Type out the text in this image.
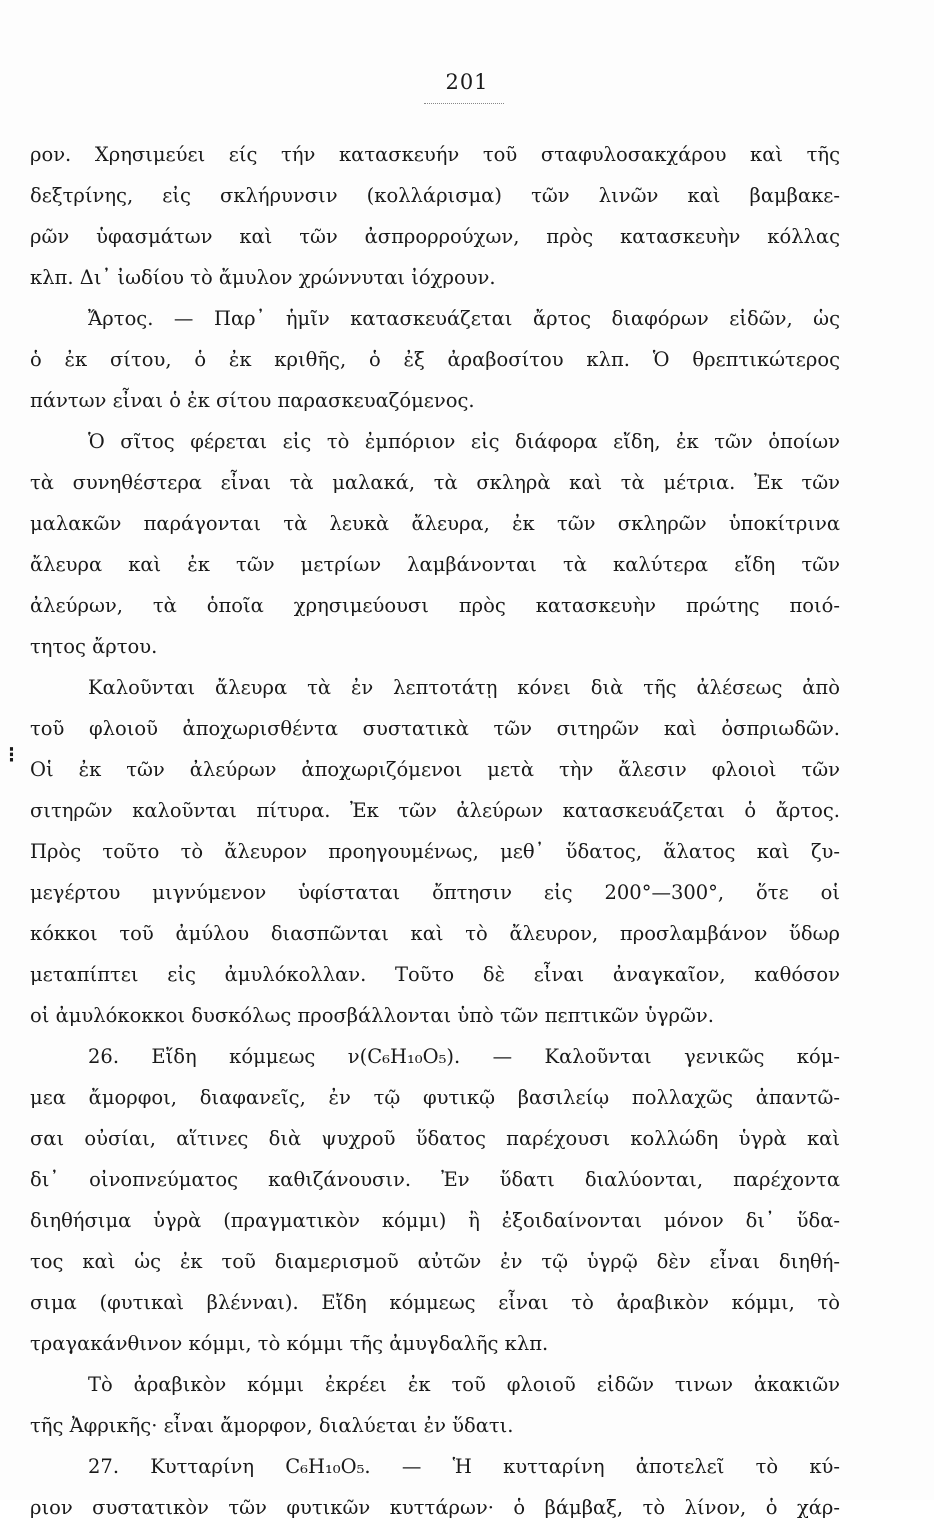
201
⁝
ρον. Χρησιμεύει είς τήν κατασκευήν τοῦ σταφυλοσακχάρου καὶ τῆς
δεξτρίνης, εἰς σκλήρυνσιν (κολλάρισμα) τῶν λινῶν καὶ βαμβακε-
ρῶν ὑφασμάτων καὶ τῶν ἀσπρορρούχων, πρὸς κατασκευὴν κόλλας
κλπ. Δι᾿ ἰωδίου τὸ ἄμυλον χρώννυται ἰόχρουν.
Ἄρτος. — Παρ᾿ ἡμῖν κατασκευάζεται ἄρτος διαφόρων εἰδῶν, ὡς
ὁ ἐκ σίτου, ὁ ἐκ κριθῆς, ὁ ἐξ ἀραβοσίτου κλπ. Ὁ θρεπτικώτερος
πάντων εἶναι ὁ ἐκ σίτου παρασκευαζόμενος.
Ὁ σῖτος φέρεται εἰς τὸ ἐμπόριον εἰς διάφορα εἴδη, ἐκ τῶν ὁποίων
τὰ συνηθέστερα εἶναι τὰ μαλακά, τὰ σκληρὰ καὶ τὰ μέτρια. Ἐκ τῶν
μαλακῶν παράγονται τὰ λευκὰ ἄλευρα, ἐκ τῶν σκληρῶν ὑποκίτρινα
ἄλευρα καὶ ἐκ τῶν μετρίων λαμβάνονται τὰ καλύτερα εἴδη τῶν
ἀλεύρων, τὰ ὁποῖα χρησιμεύουσι πρὸς κατασκευὴν πρώτης ποιό-
τητος ἄρτου.
Καλοῦνται ἄλευρα τὰ ἐν λεπτοτάτῃ κόνει διὰ τῆς ἀλέσεως ἀπὸ
τοῦ φλοιοῦ ἀποχωρισθέντα συστατικὰ τῶν σιτηρῶν καὶ ὀσπριωδῶν.
Οἱ ἐκ τῶν ἀλεύρων ἀποχωριζόμενοι μετὰ τὴν ἄλεσιν φλοιοὶ τῶν
σιτηρῶν καλοῦνται πίτυρα. Ἐκ τῶν ἀλεύρων κατασκευάζεται ὁ ἄρτος.
Πρὸς τοῦτο τὸ ἄλευρον προηγουμένως, μεθ᾿ ὕδατος, ἅλατος καὶ ζυ-
μεγέρτου μιγνύμενον ὑφίσταται ὄπτησιν εἰς 200°—300°, ὅτε οἱ
κόκκοι τοῦ ἀμύλου διασπῶνται καὶ τὸ ἄλευρον, προσλαμβάνον ὕδωρ
μεταπίπτει εἰς ἀμυλόκολλαν. Τοῦτο δὲ εἶναι ἀναγκαῖον, καθόσον
οἱ ἀμυλόκοκκοι δυσκόλως προσβάλλονται ὑπὸ τῶν πεπτικῶν ὑγρῶν.
26. Εἴδη κόμμεως ν(C₆H₁₀O₅). — Καλοῦνται γενικῶς κόμ-
μεα ἄμορφοι, διαφανεῖς, ἐν τῷ φυτικῷ βασιλείῳ πολλαχῶς ἀπαντῶ-
σαι οὐσίαι, αἵτινες διὰ ψυχροῦ ὕδατος παρέχουσι κολλώδη ὑγρὰ καὶ
δι᾿ οἰνοπνεύματος καθιζάνουσιν. Ἐν ὕδατι διαλύονται, παρέχοντα
διηθήσιμα ὑγρὰ (πραγματικὸν κόμμι) ἢ ἐξοιδαίνονται μόνον δι᾿ ὕδα-
τος καὶ ὡς ἐκ τοῦ διαμερισμοῦ αὐτῶν ἐν τῷ ὑγρῷ δὲν εἶναι διηθή-
σιμα (φυτικαὶ βλένναι). Εἴδη κόμμεως εἶναι τὸ ἀραβικὸν κόμμι, τὸ
τραγακάνθινον κόμμι, τὸ κόμμι τῆς ἀμυγδαλῆς κλπ.
Τὸ ἀραβικὸν κόμμι ἐκρέει ἐκ τοῦ φλοιοῦ εἰδῶν τινων ἀκακιῶν
τῆς Ἀφρικῆς· εἶναι ἄμορφον, διαλύεται ἐν ὕδατι.
27. Κυτταρίνη C₆H₁₀O₅. — Ἡ κυτταρίνη ἀποτελεῖ τὸ κύ-
ριον συστατικὸν τῶν φυτικῶν κυττάρων· ὁ βάμβαξ, τὸ λίνον, ὁ χάρ-
